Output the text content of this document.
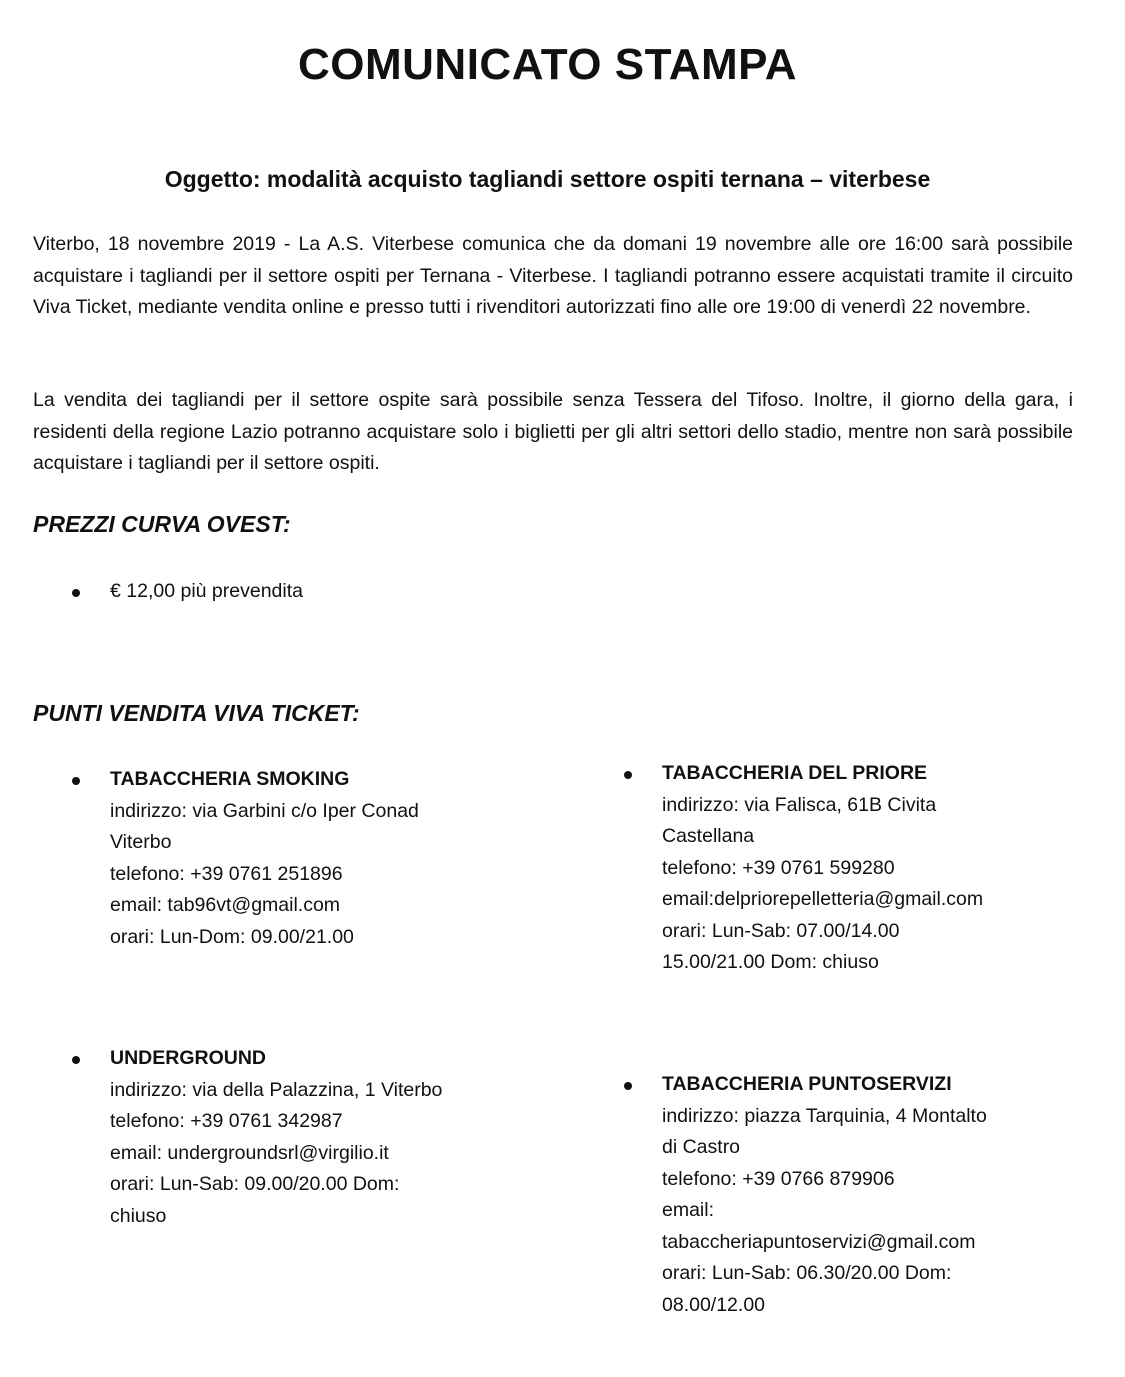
COMUNICATO STAMPA
Oggetto: modalità acquisto tagliandi settore ospiti ternana – viterbese

Viterbo, 18 novembre 2019 - La A.S. Viterbese comunica che da domani 19 novembre alle ore 16:00 sarà possibile acquistare i tagliandi per il settore ospiti per Ternana - Viterbese. I tagliandi potranno essere acquistati tramite il circuito Viva Ticket, mediante vendita online e presso tutti i rivenditori autorizzati fino alle ore 19:00 di venerdì 22 novembre.

La vendita dei tagliandi per il settore ospite sarà possibile senza Tessera del Tifoso. Inoltre, il giorno della gara, i residenti della regione Lazio potranno acquistare solo i biglietti per gli altri settori dello stadio, mentre non sarà possibile acquistare i tagliandi per il settore ospiti.

PREZZI CURVA OVEST:
€ 12,00 più prevendita
PUNTI VENDITA VIVA TICKET:
TABACCHERIA SMOKING
indirizzo: via Garbini c/o Iper Conad
Viterbo
telefono: +39 0761 251896
email: tab96vt@gmail.com
orari: Lun-Dom: 09.00/21.00
TABACCHERIA DEL PRIORE
indirizzo: via Falisca, 61B Civita
Castellana
telefono: +39 0761 599280
email:delpriorepelletteria@gmail.com
orari: Lun-Sab: 07.00/14.00
15.00/21.00 Dom: chiuso
UNDERGROUND
indirizzo: via della Palazzina, 1 Viterbo
telefono: +39 0761 342987
email: undergroundsrl@virgilio.it
orari: Lun-Sab: 09.00/20.00 Dom:
chiuso
TABACCHERIA PUNTOSERVIZI
indirizzo: piazza Tarquinia, 4 Montalto
di Castro
telefono: +39 0766 879906
email:
tabaccheriapuntoservizi@gmail.com
orari: Lun-Sab: 06.30/20.00 Dom:
08.00/12.00
